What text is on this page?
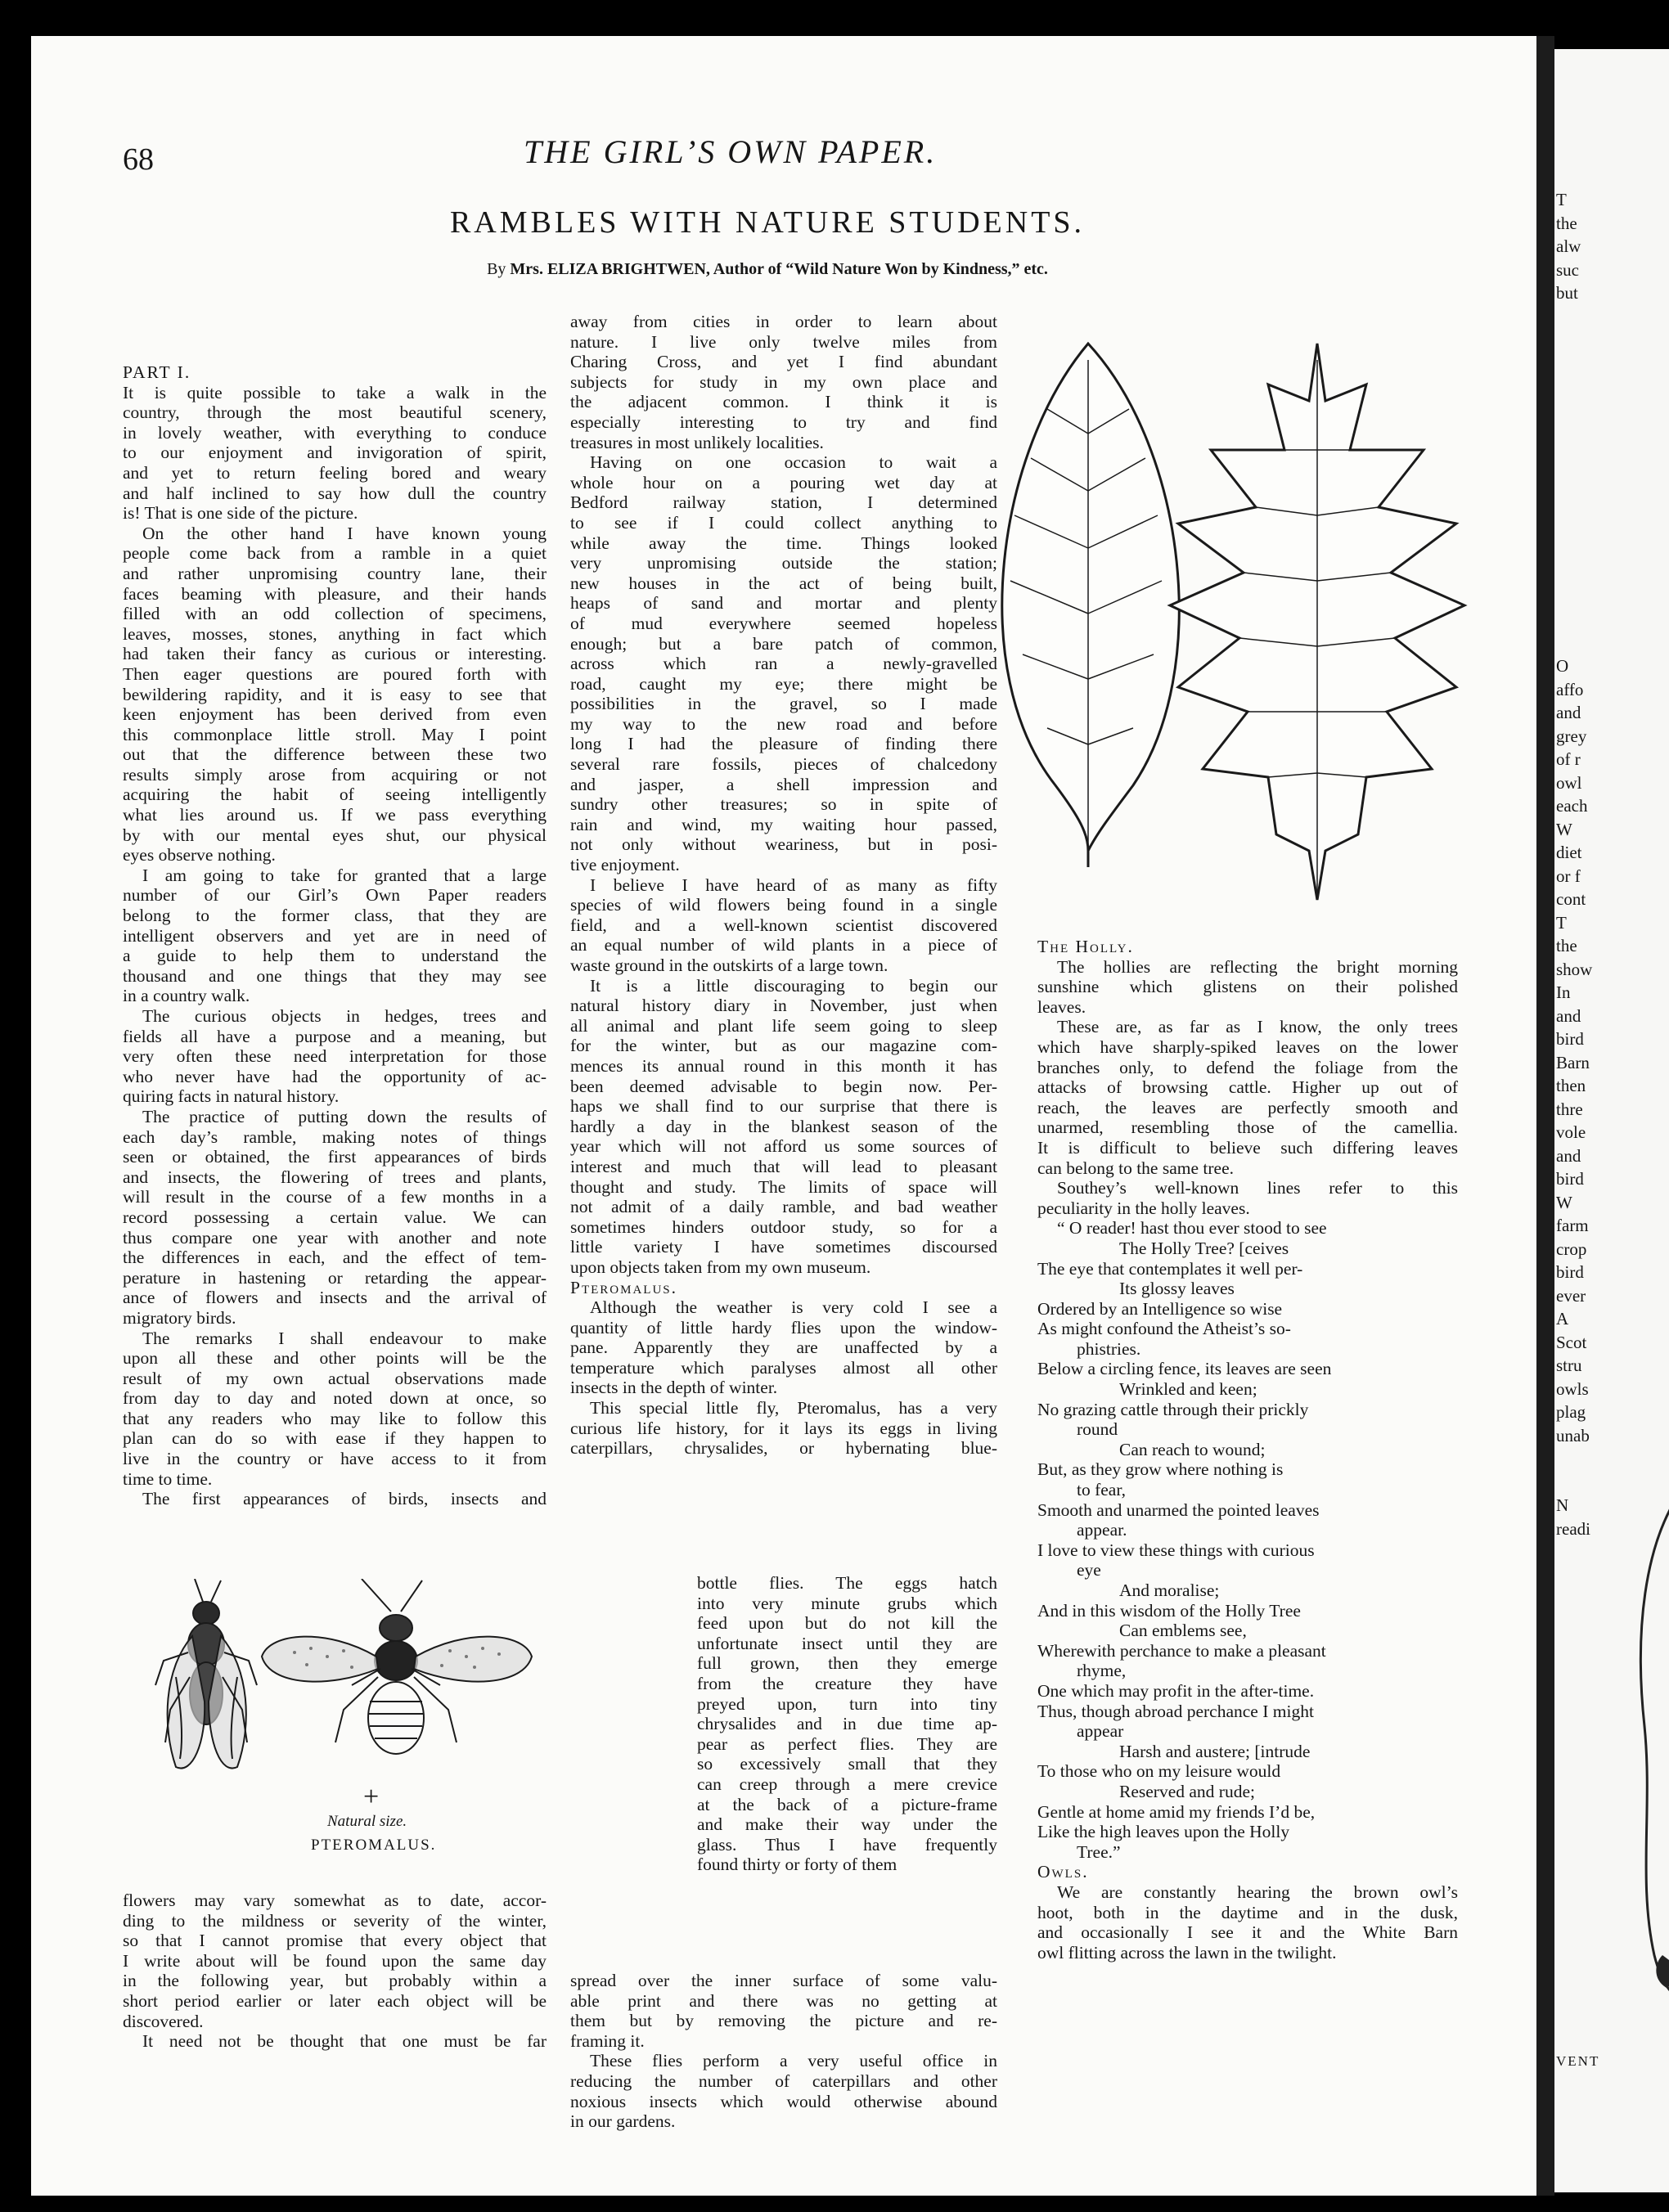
T
the
alw
suc
but
O
affo
and
grey
of r
owl
each
W
diet
or f
cont
T
the
show
In
and
bird
Barn
then
thre
vole
and
bird
W
farm
crop
bird
ever
A
Scot
stru
owls
plag
unab
N
readi
VENT
68	THE GIRL’S OWN PAPER.
RAMBLES WITH NATURE STUDENTS.
By Mrs. ELIZA BRIGHTWEN, Author of “Wild Nature Won by Kindness,” etc.
PART I.
It is quite possible to take a walk in the
country, through the most beautiful scenery,
in lovely weather, with everything to conduce
to our enjoyment and invigoration of spirit,
and yet to return feeling bored and weary
and half inclined to say how dull the country
is! That is one side of the picture.
On the other hand I have known young
people come back from a ramble in a quiet
and rather unpromising country lane, their
faces beaming with pleasure, and their hands
filled with an odd collection of specimens,
leaves, mosses, stones, anything in fact which
had taken their fancy as curious or interesting.
Then eager questions are poured forth with
bewildering rapidity, and it is easy to see that
keen enjoyment has been derived from even
this commonplace little stroll. May I point
out that the difference between these two
results simply arose from acquiring or not
acquiring the habit of seeing intelligently
what lies around us. If we pass everything
by with our mental eyes shut, our physical
eyes observe nothing.
I am going to take for granted that a large
number of our Girl’s Own Paper readers
belong to the former class, that they are
intelligent observers and yet are in need of
a guide to help them to understand the
thousand and one things that they may see
in a country walk.
The curious objects in hedges, trees and
fields all have a purpose and a meaning, but
very often these need interpretation for those
who never have had the opportunity of ac-
quiring facts in natural history.
The practice of putting down the results of
each day’s ramble, making notes of things
seen or obtained, the first appearances of birds
and insects, the flowering of trees and plants,
will result in the course of a few months in a
record possessing a certain value. We can
thus compare one year with another and note
the differences in each, and the effect of tem-
perature in hastening or retarding the appear-
ance of flowers and insects and the arrival of
migratory birds.
The remarks I shall endeavour to make
upon all these and other points will be the
result of my own actual observations made
from day to day and noted down at once, so
that any readers who may like to follow this
plan can do so with ease if they happen to
live in the country or have access to it from
time to time.
The first appearances of birds, insects and
flowers may vary somewhat as to date, accor-
ding to the mildness or severity of the winter,
so that I cannot promise that every object that
I write about will be found upon the same day
in the following year, but probably within a
short period earlier or later each object will be
discovered.
It need not be thought that one must be far
away from cities in order to learn about
nature. I live only twelve miles from
Charing Cross, and yet I find abundant
subjects for study in my own place and
the adjacent common. I think it is
especially interesting to try and find
treasures in most unlikely localities.
Having on one occasion to wait a
whole hour on a pouring wet day at
Bedford railway station, I determined
to see if I could collect anything to
while away the time. Things looked
very unpromising outside the station;
new houses in the act of being built,
heaps of sand and mortar and plenty
of mud everywhere seemed hopeless
enough; but a bare patch of common,
across which ran a newly-gravelled
road, caught my eye; there might be
possibilities in the gravel, so I made
my way to the new road and before
long I had the pleasure of finding there
several rare fossils, pieces of chalcedony
and jasper, a shell impression and
sundry other treasures; so in spite of
rain and wind, my waiting hour passed,
not only without weariness, but in posi-
tive enjoyment.
I believe I have heard of as many as fifty
species of wild flowers being found in a single
field, and a well-known scientist discovered
an equal number of wild plants in a piece of
waste ground in the outskirts of a large town.
It is a little discouraging to begin our
natural history diary in November, just when
all animal and plant life seem going to sleep
for the winter, but as our magazine com-
mences its annual round in this month it has
been deemed advisable to begin now. Per-
haps we shall find to our surprise that there is
hardly a day in the blankest season of the
year which will not afford us some sources of
interest and much that will lead to pleasant
thought and study. The limits of space will
not admit of a daily ramble, and bad weather
sometimes hinders outdoor study, so for a
little variety I have sometimes discoursed
upon objects taken from my own museum.
Pteromalus.
Although the weather is very cold I see a
quantity of little hardy flies upon the window-
pane. Apparently they are unaffected by a
temperature which paralyses almost all other
insects in the depth of winter.
This special little fly, Pteromalus, has a very
curious life history, for it lays its eggs in living
caterpillars, chrysalides, or hybernating blue-
bottle flies. The eggs hatch
into very minute grubs which
feed upon but do not kill the
unfortunate insect until they are
full grown, then they emerge
from the creature they have
preyed upon, turn into tiny
chrysalides and in due time ap-
pear as perfect flies. They are
so excessively small that they
can creep through a mere crevice
at the back of a picture-frame
and make their way under the
glass. Thus I have frequently
found thirty or forty of them
spread over the inner surface of some valu-
able print and there was no getting at
them but by removing the picture and re-
framing it.
These flies perform a very useful office in
reducing the number of caterpillars and other
noxious insects which would otherwise abound
in our gardens.
The Holly.
The hollies are reflecting the bright morning
sunshine which glistens on their polished
leaves.
These are, as far as I know, the only trees
which have sharply-spiked leaves on the lower
branches only, to defend the foliage from the
attacks of browsing cattle. Higher up out of
reach, the leaves are perfectly smooth and
unarmed, resembling those of the camellia.
It is difficult to believe such differing leaves
can belong to the same tree.
Southey’s well-known lines refer to this
peculiarity in the holly leaves.
“ O reader! hast thou ever stood to see
The Holly Tree? [ceives
The eye that contemplates it well per-
Its glossy leaves
Ordered by an Intelligence so wise
As might confound the Atheist’s so-
phistries.
Below a circling fence, its leaves are seen
Wrinkled and keen;
No grazing cattle through their prickly
round
Can reach to wound;
But, as they grow where nothing is
to fear,
Smooth and unarmed the pointed leaves
appear.
I love to view these things with curious
eye
And moralise;
And in this wisdom of the Holly Tree
Can emblems see,
Wherewith perchance to make a pleasant
rhyme,
One which may profit in the after-time.
Thus, though abroad perchance I might
appear
Harsh and austere; [intrude
To those who on my leisure would
Reserved and rude;
Gentle at home amid my friends I’d be,
Like the high leaves upon the Holly
Tree.”
Owls.
We are constantly hearing the brown owl’s
hoot, both in the daytime and in the dusk,
and occasionally I see it and the White Barn
owl flitting across the lawn in the twilight.
+
Natural size.
PTEROMALUS.
